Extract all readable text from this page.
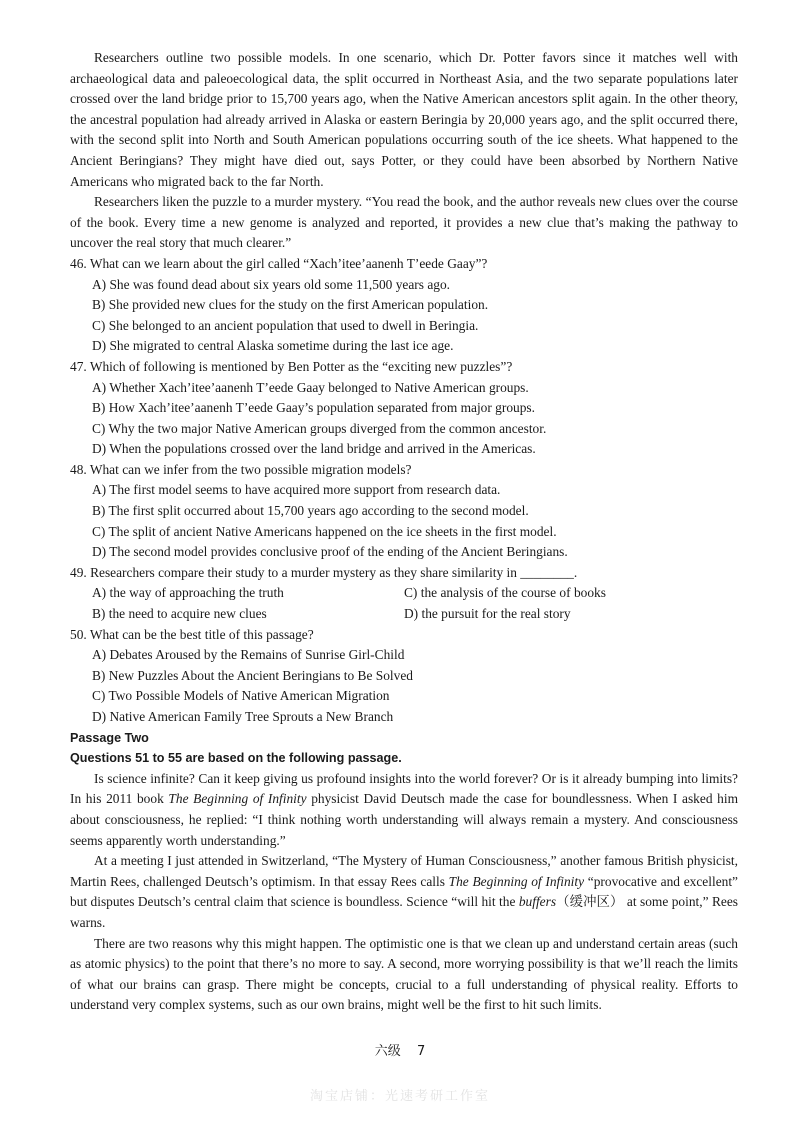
Researchers outline two possible models. In one scenario, which Dr. Potter favors since it matches well with archaeological data and paleoecological data, the split occurred in Northeast Asia, and the two separate populations later crossed over the land bridge prior to 15,700 years ago, when the Native American ancestors split again. In the other theory, the ancestral population had already arrived in Alaska or eastern Beringia by 20,000 years ago, and the split occurred there, with the second split into North and South American populations occurring south of the ice sheets. What happened to the Ancient Beringians? They might have died out, says Potter, or they could have been absorbed by Northern Native Americans who migrated back to the far North.

Researchers liken the puzzle to a murder mystery. “You read the book, and the author reveals new clues over the course of the book. Every time a new genome is analyzed and reported, it provides a new clue that’s making the pathway to uncover the real story that much clearer.”

46. What can we learn about the girl called “Xach’itee’aanenh T’eede Gaay”?

A) She was found dead about six years old some 11,500 years ago.

B) She provided new clues for the study on the first American population.

C) She belonged to an ancient population that used to dwell in Beringia.

D) She migrated to central Alaska sometime during the last ice age.

47. Which of following is mentioned by Ben Potter as the “exciting new puzzles”?

A) Whether Xach’itee’aanenh T’eede Gaay belonged to Native American groups.

B) How Xach’itee’aanenh T’eede Gaay’s population separated from major groups.

C) Why the two major Native American groups diverged from the common ancestor.

D) When the populations crossed over the land bridge and arrived in the Americas.

48. What can we infer from the two possible migration models?

A) The first model seems to have acquired more support from research data.

B) The first split occurred about 15,700 years ago according to the second model.

C) The split of ancient Native Americans happened on the ice sheets in the first model.

D) The second model provides conclusive proof of the ending of the Ancient Beringians.

49. Researchers compare their study to a murder mystery as they share similarity in ________.

A) the way of approaching the truth	C) the analysis of the course of books
B) the need to acquire new clues	D) the pursuit for the real story

50. What can be the best title of this passage?

A) Debates Aroused by the Remains of Sunrise Girl-Child

B) New Puzzles About the Ancient Beringians to Be Solved

C) Two Possible Models of Native American Migration

D) Native American Family Tree Sprouts a New Branch

Passage Two

Questions 51 to 55 are based on the following passage.

Is science infinite? Can it keep giving us profound insights into the world forever? Or is it already bumping into limits? In his 2011 book The Beginning of Infinity physicist David Deutsch made the case for boundlessness. When I asked him about consciousness, he replied: “I think nothing worth understanding will always remain a mystery. And consciousness seems apparently worth understanding.”

At a meeting I just attended in Switzerland, “The Mystery of Human Consciousness,” another famous British physicist, Martin Rees, challenged Deutsch’s optimism. In that essay Rees calls The Beginning of Infinity “provocative and excellent” but disputes Deutsch’s central claim that science is boundless. Science “will hit the buffers（缓冲区） at some point,” Rees warns.

There are two reasons why this might happen. The optimistic one is that we clean up and understand certain areas (such as atomic physics) to the point that there’s no more to say. A second, more worrying possibility is that we’ll reach the limits of what our brains can grasp. There might be concepts, crucial to a full understanding of physical reality. Efforts to understand very complex systems, such as our own brains, might well be the first to hit such limits.

六级 7
淘宝店铺：光速考研工作室
